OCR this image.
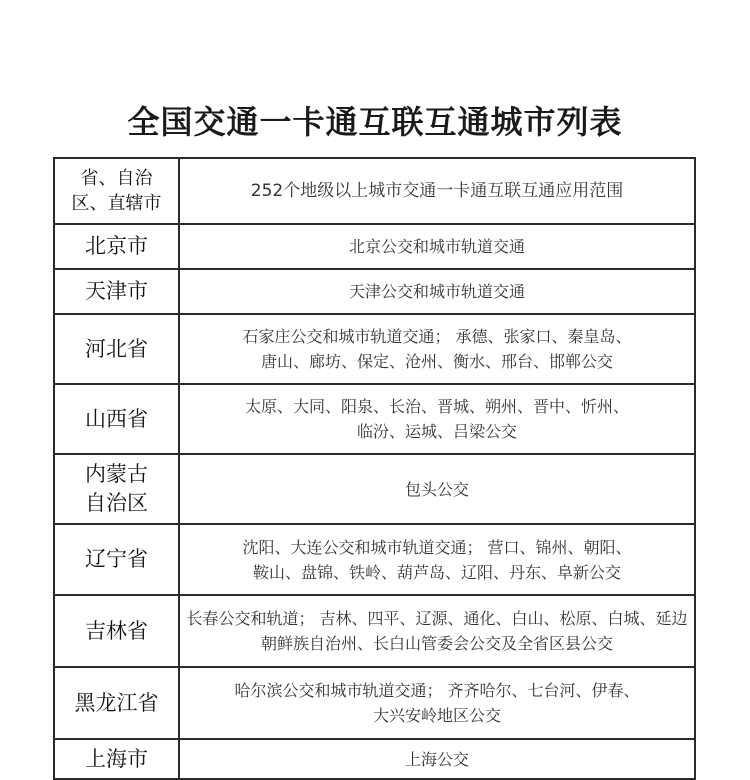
全国交通一卡通互联互通城市列表
省、自治
区、直辖市	252个地级以上城市交通一卡通互联互通应用范围

北京市	北京公交和城市轨道交通

天津市	天津公交和城市轨道交通

河北省	石家庄公交和城市轨道交通； 承德、张家口、秦皇岛、
唐山、廊坊、保定、沧州、衡水、邢台、邯郸公交

山西省	太原、大同、阳泉、长治、晋城、朔州、晋中、忻州、
临汾、运城、吕梁公交

内蒙古
自治区	包头公交

辽宁省	沈阳、大连公交和城市轨道交通； 营口、锦州、朝阳、
鞍山、盘锦、铁岭、葫芦岛、辽阳、丹东、阜新公交

吉林省	长春公交和轨道； 吉林、四平、辽源、通化、白山、松原、白城、延边
朝鲜族自治州、长白山管委会公交及全省区县公交

黑龙江省	哈尔滨公交和城市轨道交通； 齐齐哈尔、七台河、伊春、
大兴安岭地区公交

上海市	上海公交
